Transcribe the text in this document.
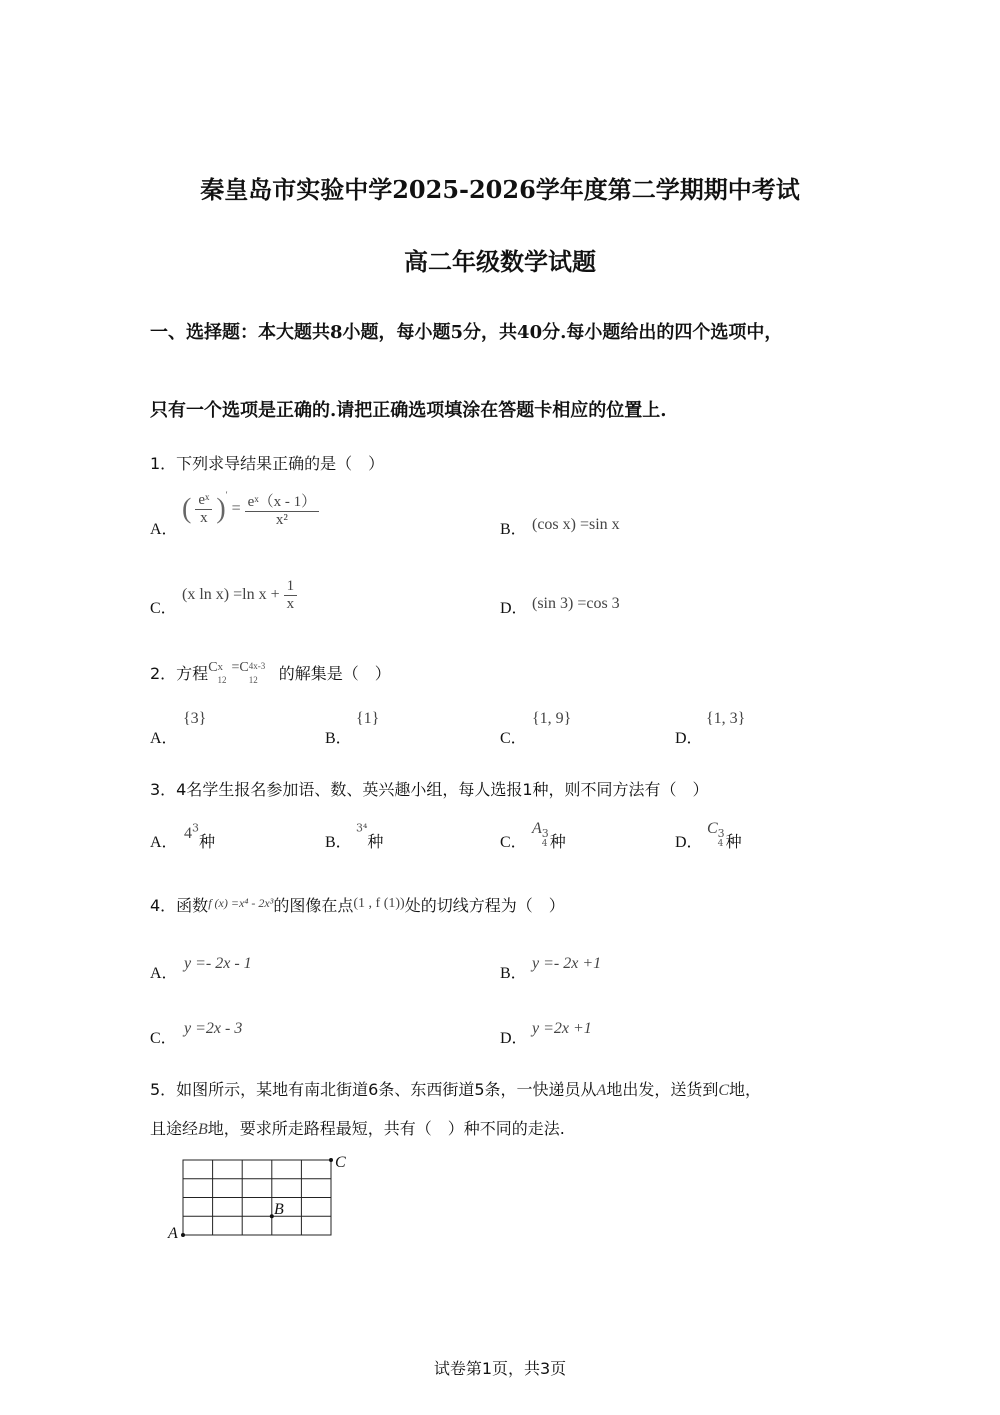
秦皇岛市实验中学2025-2026学年度第二学期期中考试
高二年级数学试题
一、选择题：本大题共8小题，每小题5分，共40分.每小题给出的四个选项中，
只有一个选项是正确的.请把正确选项填涂在答题卡相应的位置上.
1．下列求导结果正确的是（　）
A．
( $\frac{\text{eˣ}}{x} )' = \frac{\text{eˣ（x - 1）}}{\text{x²}}$
B． (cos x) =sin x
C．
(x ln x) =ln $x + \frac{1}{x}$	D． (sin 3) =cos 3
2．方程C x
12
=C 4x-3
12 的解集是（　）
A．
{3}
B．
{1}
C．
{1, 9}
D．
{1, 3}
3．4名学生报名参加语、数、英兴趣小组，每人选报1种，则不同方法有（　）
A．
$4^3$种	B．
$^{3^4}$种	C．
A 3
4 种	D．
C 3
4 种
4．函数$^{f (x) =x^4 - 2x^3}$的图像在点(1 , f (1))处的切线方程为（　）
A．
y =- 2x - 1
B．
y =- 2x +1
C．
y =2x - 3
D．
y =2x +1
5．如图所示，某地有南北街道6条、东西街道5条，一快递员从A地出发，送货到C地，
且途经B地，要求所走路程最短，共有（　）种不同的走法.
A
B
C
试卷第1页，共3页
